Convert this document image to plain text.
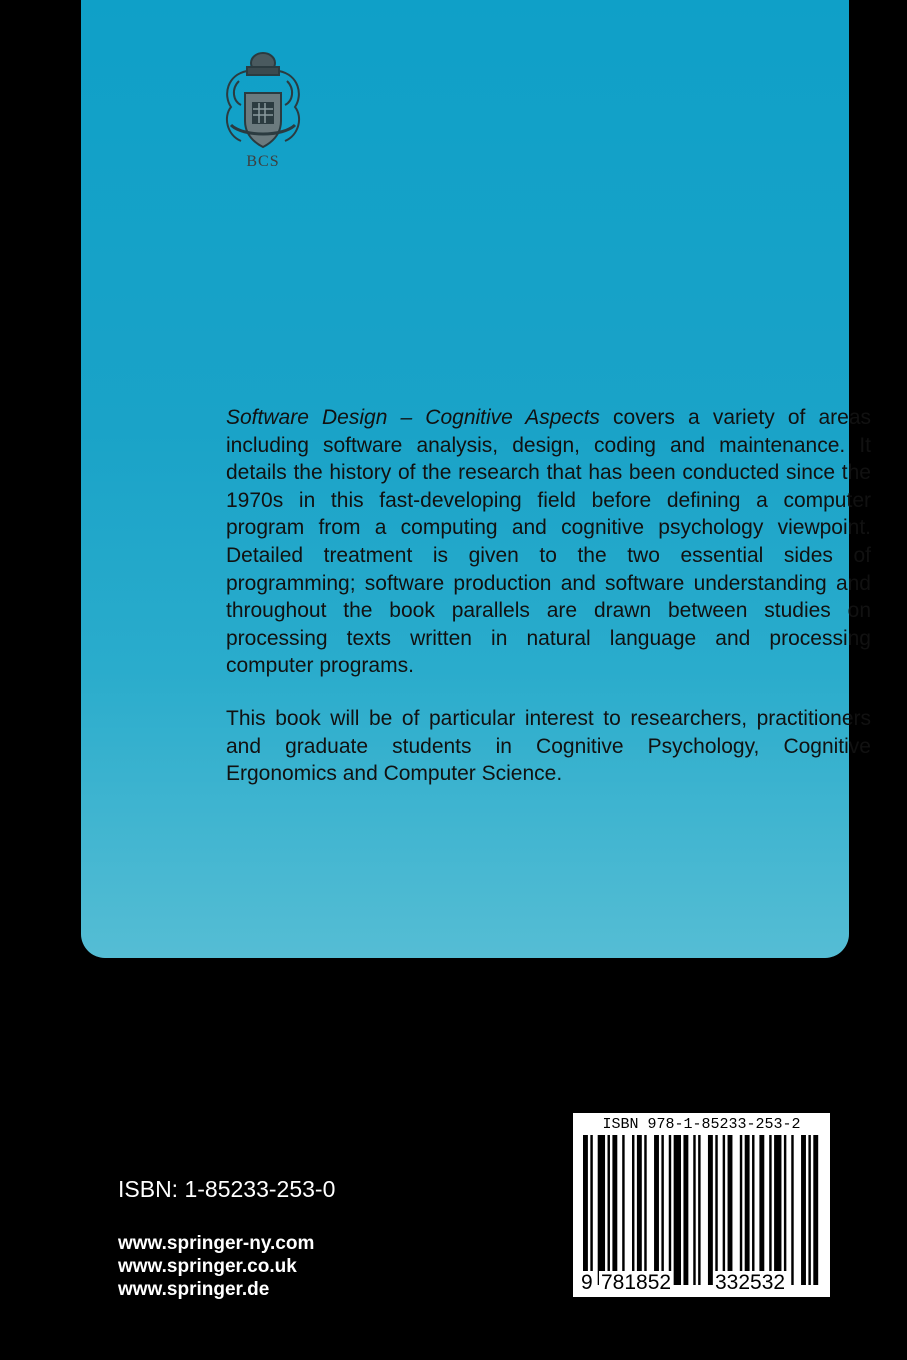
BCS

Software Design – Cognitive Aspects covers a variety of areas including software analysis, design, coding and maintenance. It details the history of the research that has been conducted since the 1970s in this fast-developing field before defining a computer program from a computing and cognitive psychology viewpoint. Detailed treatment is given to the two essential sides of programming; software production and software understanding and throughout the book parallels are drawn between studies on processing texts written in natural language and processing computer programs.

This book will be of particular interest to researchers, practitioners and graduate students in Cognitive Psychology, Cognitive Ergonomics and Computer Science.

ISBN: 1-85233-253-0
www.springer-ny.com
www.springer.co.uk
www.springer.de
ISBN 978-1-85233-253-2
9 781852 332532
